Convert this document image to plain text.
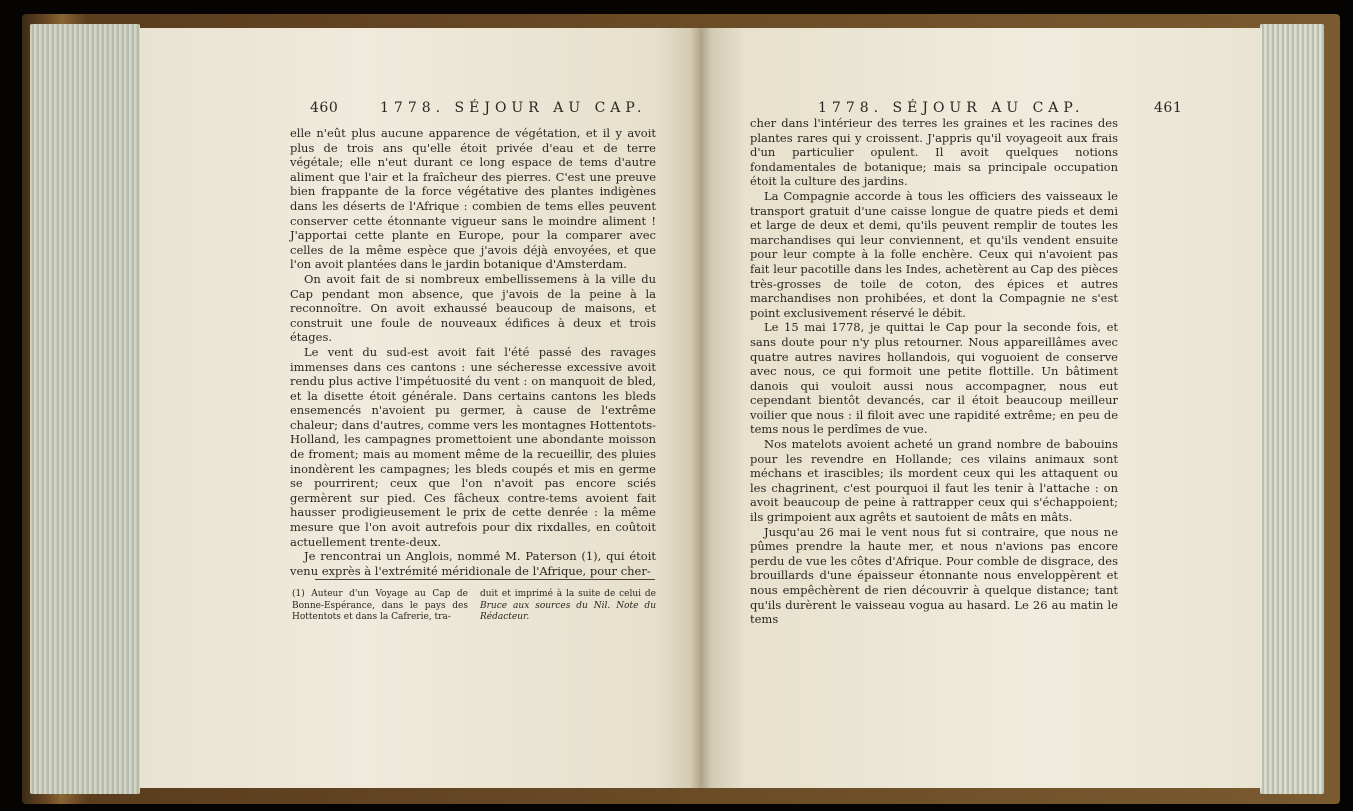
460	1778. SÉJOUR AU CAP.

elle n'eût plus aucune apparence de végétation, et il y avoit plus de trois ans qu'elle étoit privée d'eau et de terre végétale; elle n'eut durant ce long espace de tems d'autre aliment que l'air et la fraîcheur des pierres. C'est une preuve bien frappante de la force végétative des plantes indigènes dans les déserts de l'Afrique : combien de tems elles peuvent conserver cette étonnante vigueur sans le moindre aliment ! J'apportai cette plante en Europe, pour la comparer avec celles de la même espèce que j'avois déjà envoyées, et que l'on avoit plantées dans le jardin botanique d'Amsterdam.

On avoit fait de si nombreux embellissemens à la ville du Cap pendant mon absence, que j'avois de la peine à la reconnoître. On avoit exhaussé beaucoup de maisons, et construit une foule de nouveaux édifices à deux et trois étages.

Le vent du sud-est avoit fait l'été passé des ravages immenses dans ces cantons : une sécheresse excessive avoit rendu plus active l'impétuosité du vent : on manquoit de bled, et la disette étoit générale. Dans certains cantons les bleds ensemencés n'avoient pu germer, à cause de l'extrême chaleur; dans d'autres, comme vers les montagnes Hottentots-Holland, les campagnes promettoient une abondante moisson de froment; mais au moment même de la recueillir, des pluies inondèrent les campagnes; les bleds coupés et mis en germe se pourrirent; ceux que l'on n'avoit pas encore sciés germèrent sur pied. Ces fâcheux contre-tems avoient fait hausser prodigieusement le prix de cette denrée : la même mesure que l'on avoit autrefois pour dix rixdalles, en coûtoit actuellement trente-deux.

Je rencontrai un Anglois, nommé M. Paterson (1), qui étoit venu exprès à l'extrémité méridionale de l'Afrique, pour cher-

(1) Auteur d'un Voyage au Cap de Bonne-Espérance, dans le pays des Hottentots et dans la Cafrerie, tra-
duit et imprimé à la suite de celui de Bruce aux sources du Nil. Note du Rédacteur.
1778. SÉJOUR AU CAP.	461

cher dans l'intérieur des terres les graines et les racines des plantes rares qui y croissent. J'appris qu'il voyageoit aux frais d'un particulier opulent. Il avoit quelques notions fondamentales de botanique; mais sa principale occupation étoit la culture des jardins.

La Compagnie accorde à tous les officiers des vaisseaux le transport gratuit d'une caisse longue de quatre pieds et demi et large de deux et demi, qu'ils peuvent remplir de toutes les marchandises qui leur conviennent, et qu'ils vendent ensuite pour leur compte à la folle enchère. Ceux qui n'avoient pas fait leur pacotille dans les Indes, achetèrent au Cap des pièces très-grosses de toile de coton, des épices et autres marchandises non prohibées, et dont la Compagnie ne s'est point exclusivement réservé le débit.

Le 15 mai 1778, je quittai le Cap pour la seconde fois, et sans doute pour n'y plus retourner. Nous appareillâmes avec quatre autres navires hollandois, qui voguoient de conserve avec nous, ce qui formoit une petite flottille. Un bâtiment danois qui vouloit aussi nous accompagner, nous eut cependant bientôt devancés, car il étoit beaucoup meilleur voilier que nous : il filoit avec une rapidité extrême; en peu de tems nous le perdîmes de vue.

Nos matelots avoient acheté un grand nombre de babouins pour les revendre en Hollande; ces vilains animaux sont méchans et irascibles; ils mordent ceux qui les attaquent ou les chagrinent, c'est pourquoi il faut les tenir à l'attache : on avoit beaucoup de peine à rattrapper ceux qui s'échappoient; ils grimpoient aux agrêts et sautoient de mâts en mâts.

Jusqu'au 26 mai le vent nous fut si contraire, que nous ne pûmes prendre la haute mer, et nous n'avions pas encore perdu de vue les côtes d'Afrique. Pour comble de disgrace, des brouillards d'une épaisseur étonnante nous enveloppèrent et nous empêchèrent de rien découvrir à quelque distance; tant qu'ils durèrent le vaisseau vogua au hasard. Le 26 au matin le tems
